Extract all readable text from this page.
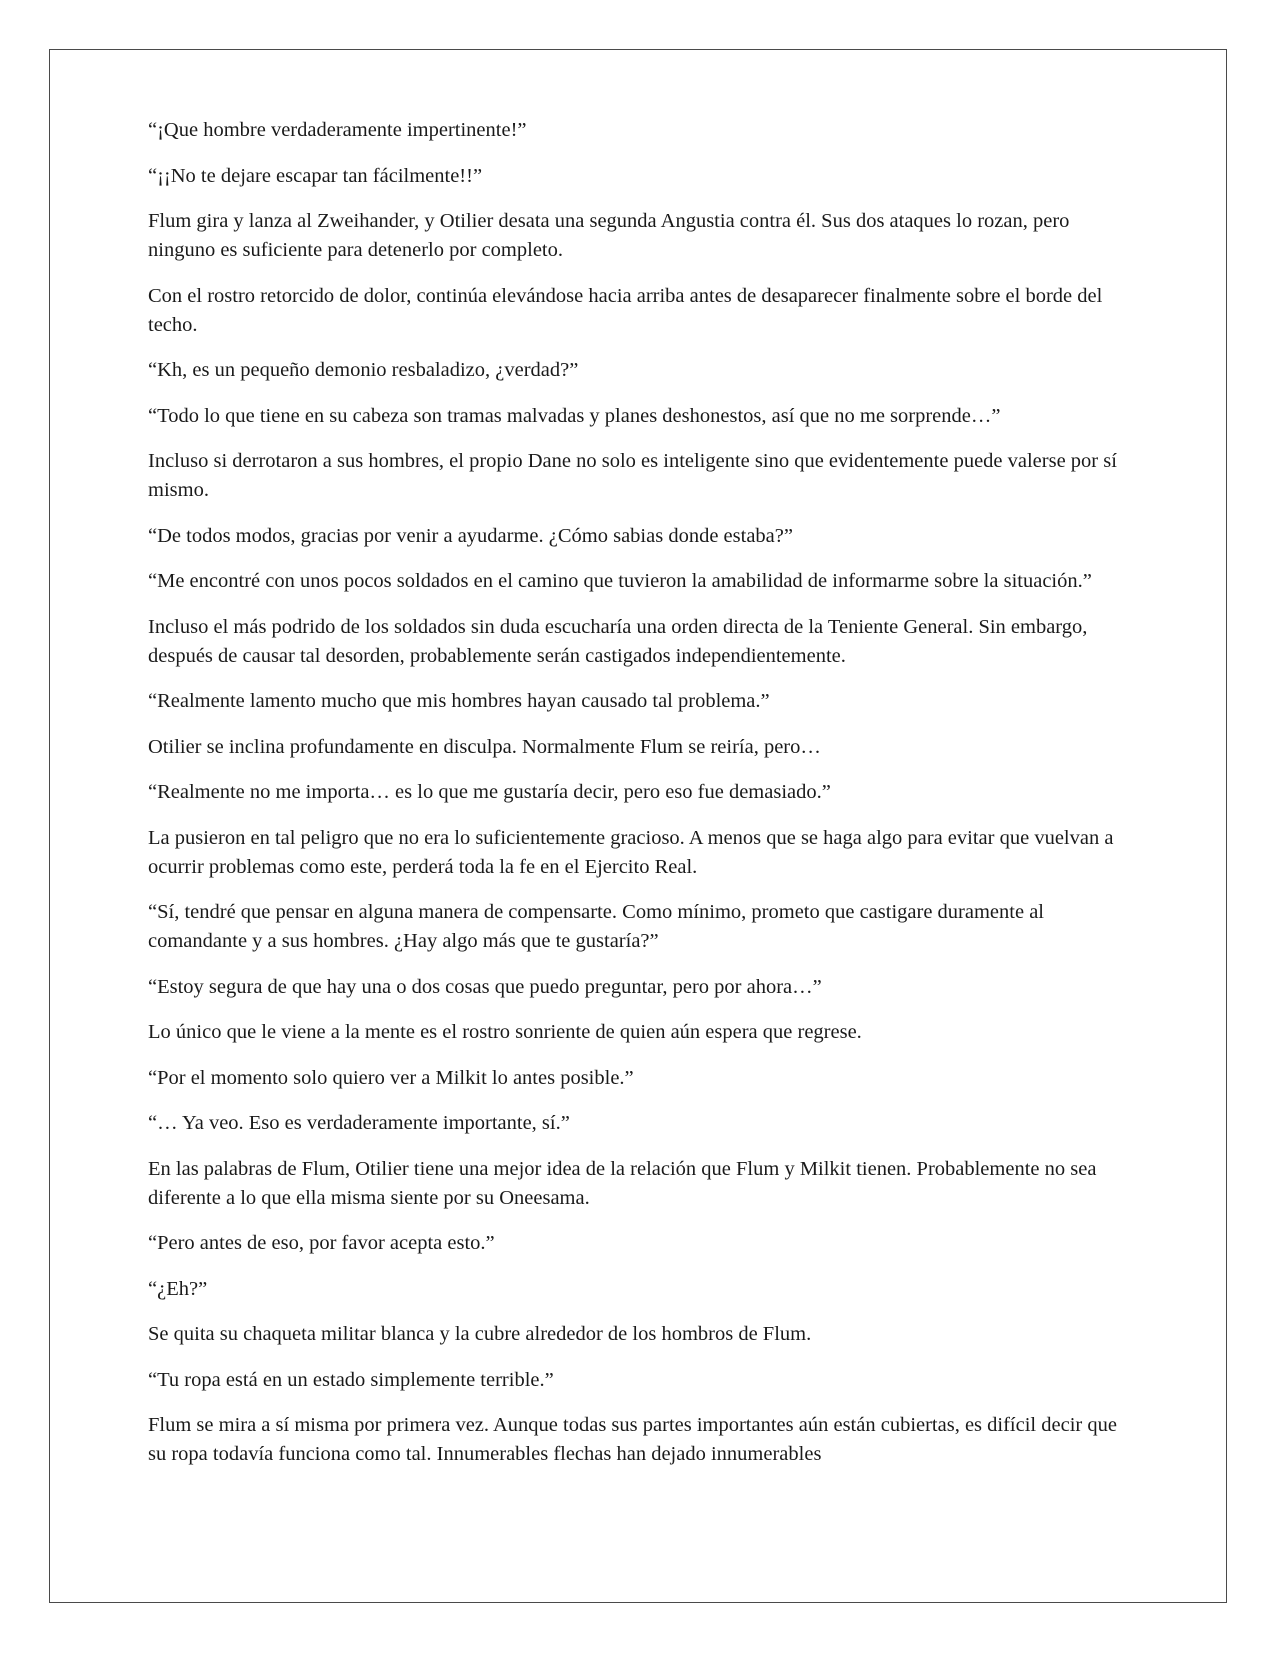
“¡Que hombre verdaderamente impertinente!”

“¡¡No te dejare escapar tan fácilmente!!”

Flum gira y lanza al Zweihander, y Otilier desata una segunda Angustia contra él. Sus dos ataques lo rozan, pero ninguno es suficiente para detenerlo por completo.

Con el rostro retorcido de dolor, continúa elevándose hacia arriba antes de desaparecer finalmente sobre el borde del techo.

“Kh, es un pequeño demonio resbaladizo, ¿verdad?”

“Todo lo que tiene en su cabeza son tramas malvadas y planes deshonestos, así que no me sorprende…”

Incluso si derrotaron a sus hombres, el propio Dane no solo es inteligente sino que evidentemente puede valerse por sí mismo.

“De todos modos, gracias por venir a ayudarme. ¿Cómo sabias donde estaba?”

“Me encontré con unos pocos soldados en el camino que tuvieron la amabilidad de informarme sobre la situación.”

Incluso el más podrido de los soldados sin duda escucharía una orden directa de la Teniente General. Sin embargo, después de causar tal desorden, probablemente serán castigados independientemente.

“Realmente lamento mucho que mis hombres hayan causado tal problema.”

Otilier se inclina profundamente en disculpa. Normalmente Flum se reiría, pero…

“Realmente no me importa… es lo que me gustaría decir, pero eso fue demasiado.”

La pusieron en tal peligro que no era lo suficientemente gracioso. A menos que se haga algo para evitar que vuelvan a ocurrir problemas como este, perderá toda la fe en el Ejercito Real.

“Sí, tendré que pensar en alguna manera de compensarte. Como mínimo, prometo que castigare duramente al comandante y a sus hombres. ¿Hay algo más que te gustaría?”

“Estoy segura de que hay una o dos cosas que puedo preguntar, pero por ahora…”

Lo único que le viene a la mente es el rostro sonriente de quien aún espera que regrese.

“Por el momento solo quiero ver a Milkit lo antes posible.”

“… Ya veo. Eso es verdaderamente importante, sí.”

En las palabras de Flum, Otilier tiene una mejor idea de la relación que Flum y Milkit tienen. Probablemente no sea diferente a lo que ella misma siente por su Oneesama.

“Pero antes de eso, por favor acepta esto.”

“¿Eh?”

Se quita su chaqueta militar blanca y la cubre alrededor de los hombros de Flum.

“Tu ropa está en un estado simplemente terrible.”

Flum se mira a sí misma por primera vez. Aunque todas sus partes importantes aún están cubiertas, es difícil decir que su ropa todavía funciona como tal. Innumerables flechas han dejado innumerables
